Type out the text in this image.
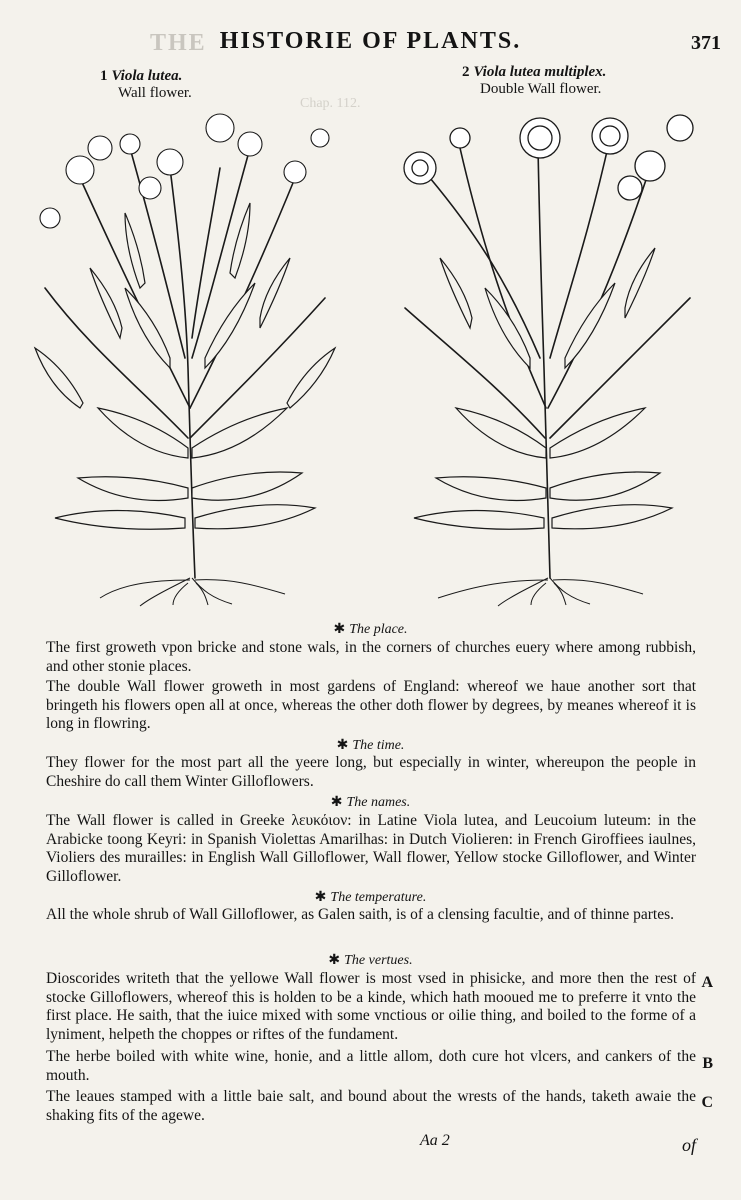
THE
Chap. 112.
HISTORIE OF PLANTS.	371
1 Viola lutea.
Wall flower.
2 Viola lutea multiplex.
Double Wall flower.
✱ The place.

The first groweth vpon bricke and stone wals, in the corners of churches euery where among rubbish, and other stonie places.

The double Wall flower groweth in most gardens of England: whereof we haue another sort that bringeth his flowers open all at once, whereas the other doth flower by degrees, by meanes whereof it is long in flowring.

✱ The time.

They flower for the most part all the yeere long, but especially in winter, whereupon the people in Cheshire do call them Winter Gilloflowers.

✱ The names.

The Wall flower is called in Greeke λευκόιον: in Latine Viola lutea, and Leucoium luteum: in the Arabicke toong Keyri: in Spanish Violettas Amarilhas: in Dutch Violieren: in French Giroffiees iaulnes, Violiers des murailles: in English Wall Gilloflower, Wall flower, Yellow stocke Gilloflower, and Winter Gilloflower.

✱ The temperature.

All the whole shrub of Wall Gilloflower, as Galen saith, is of a clensing facultie, and of thinne partes.

✱ The vertues.

Dioscorides writeth that the yellowe Wall flower is most vsed in phisicke, and more then the rest of stocke Gilloflowers, whereof this is holden to be a kinde, which hath mooued me to preferre it vnto the first place. He saith, that the iuice mixed with some vnctious or oilie thing, and boiled to the forme of a lyniment, helpeth the choppes or riftes of the fundament.

A

The herbe boiled with white wine, honie, and a little allom, doth cure hot vlcers, and cankers of the mouth.

B

The leaues stamped with a little baie salt, and bound about the wrests of the hands, taketh awaie the shaking fits of the agewe.

C
Aa 2	of
